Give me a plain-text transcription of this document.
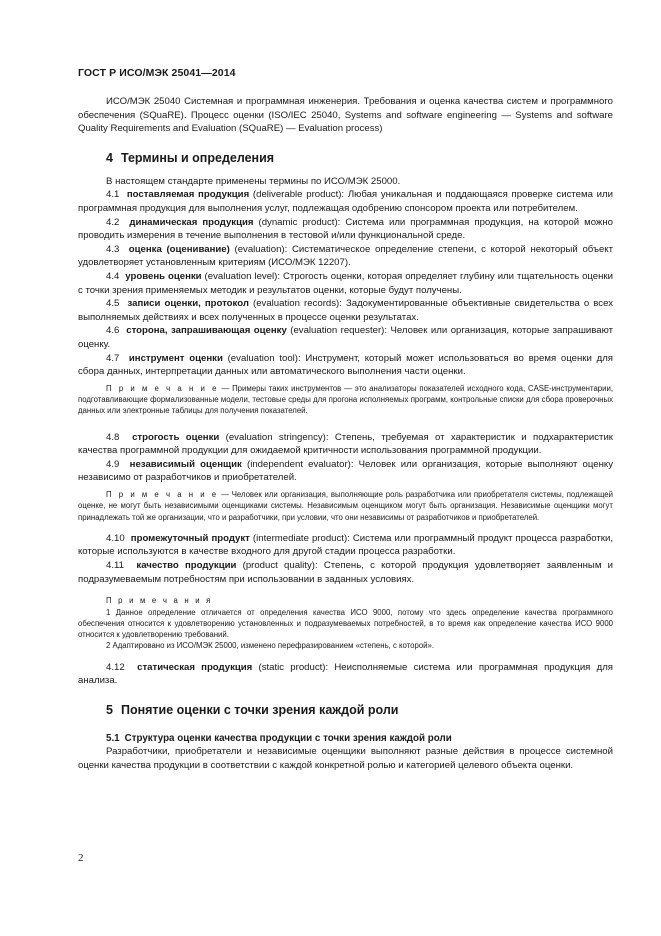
ГОСТ Р ИСО/МЭК 25041—2014

ИСО/МЭК 25040 Системная и программная инженерия. Требования и оценка качества систем и программного обеспечения (SQuaRE). Процесс оценки (ISO/IEC 25040, Systems and software engineering — Systems and software Quality Requirements and Evaluation (SQuaRE) — Evaluation process)

4 Термины и определения

В настоящем стандарте применены термины по ИСО/МЭК 25000.

4.1 поставляемая продукция (deliverable product): Любая уникальная и поддающаяся проверке система или программная продукция для выполнения услуг, подлежащая одобрению спонсором проекта или потребителем.

4.2 динамическая продукция (dynamic product): Система или программная продукция, на которой можно проводить измерения в течение выполнения в тестовой и/или функциональной среде.

4.3 оценка (оценивание) (evaluation): Систематическое определение степени, с которой некоторый объект удовлетворяет установленным критериям (ИСО/МЭК 12207).

4.4 уровень оценки (evaluation level): Строгость оценки, которая определяет глубину или тщательность оценки с точки зрения применяемых методик и результатов оценки, которые будут получены.

4.5 записи оценки, протокол (evaluation records): Задокументированные объективные свидетельства о всех выполняемых действиях и всех полученных в процессе оценки результатах.

4.6 сторона, запрашивающая оценку (evaluation requester): Человек или организация, которые запрашивают оценку.

4.7 инструмент оценки (evaluation tool): Инструмент, который может использоваться во время оценки для сбора данных, интерпретации данных или автоматического выполнения части оценки.

П р и м е ч а н и е — Примеры таких инструментов — это анализаторы показателей исходного кода, CASE-инструментарии, подготавливающие формализованные модели, тестовые среды для прогона исполняемых программ, контрольные списки для сбора проверочных данных или электронные таблицы для получения показателей.

4.8 строгость оценки (evaluation stringency): Степень, требуемая от характеристик и подхарактеристик качества программной продукции для ожидаемой критичности использования программной продукции.

4.9 независимый оценщик (independent evaluator): Человек или организация, которые выполняют оценку независимо от разработчиков и приобретателей.

П р и м е ч а н и е — Человек или организация, выполняющие роль разработчика или приобретателя системы, подлежащей оценке, не могут быть независимыми оценщиками системы. Независимым оценщиком могут быть организация. Независимые оценщики могут принадлежать той же организации, что и разработчики, при условии, что они независимы от разработчиков и приобретателей.

4.10 промежуточный продукт (intermediate product): Система или программный продукт процесса разработки, которые используются в качестве входного для другой стадии процесса разработки.

4.11 качество продукции (product quality): Степень, с которой продукция удовлетворяет заявленным и подразумеваемым потребностям при использовании в заданных условиях.

П р и м е ч а н и я

1 Данное определение отличается от определения качества ИСО 9000, потому что здесь определение качества программного обеспечения относится к удовлетворению установленных и подразумеваемых потребностей, в то время как определение качества ИСО 9000 относится к удовлетворению требований.

2 Адаптировано из ИСО/МЭК 25000, изменено перефразированием «степень, с которой».

4.12 статическая продукция (static product): Неисполняемые система или программная продукция для анализа.

5 Понятие оценки с точки зрения каждой роли
5.1 Структура оценки качества продукции с точки зрения каждой роли

Разработчики, приобретатели и независимые оценщики выполняют разные действия в процессе системной оценки качества продукции в соответствии с каждой конкретной ролью и категорией целевого объекта оценки.

2
